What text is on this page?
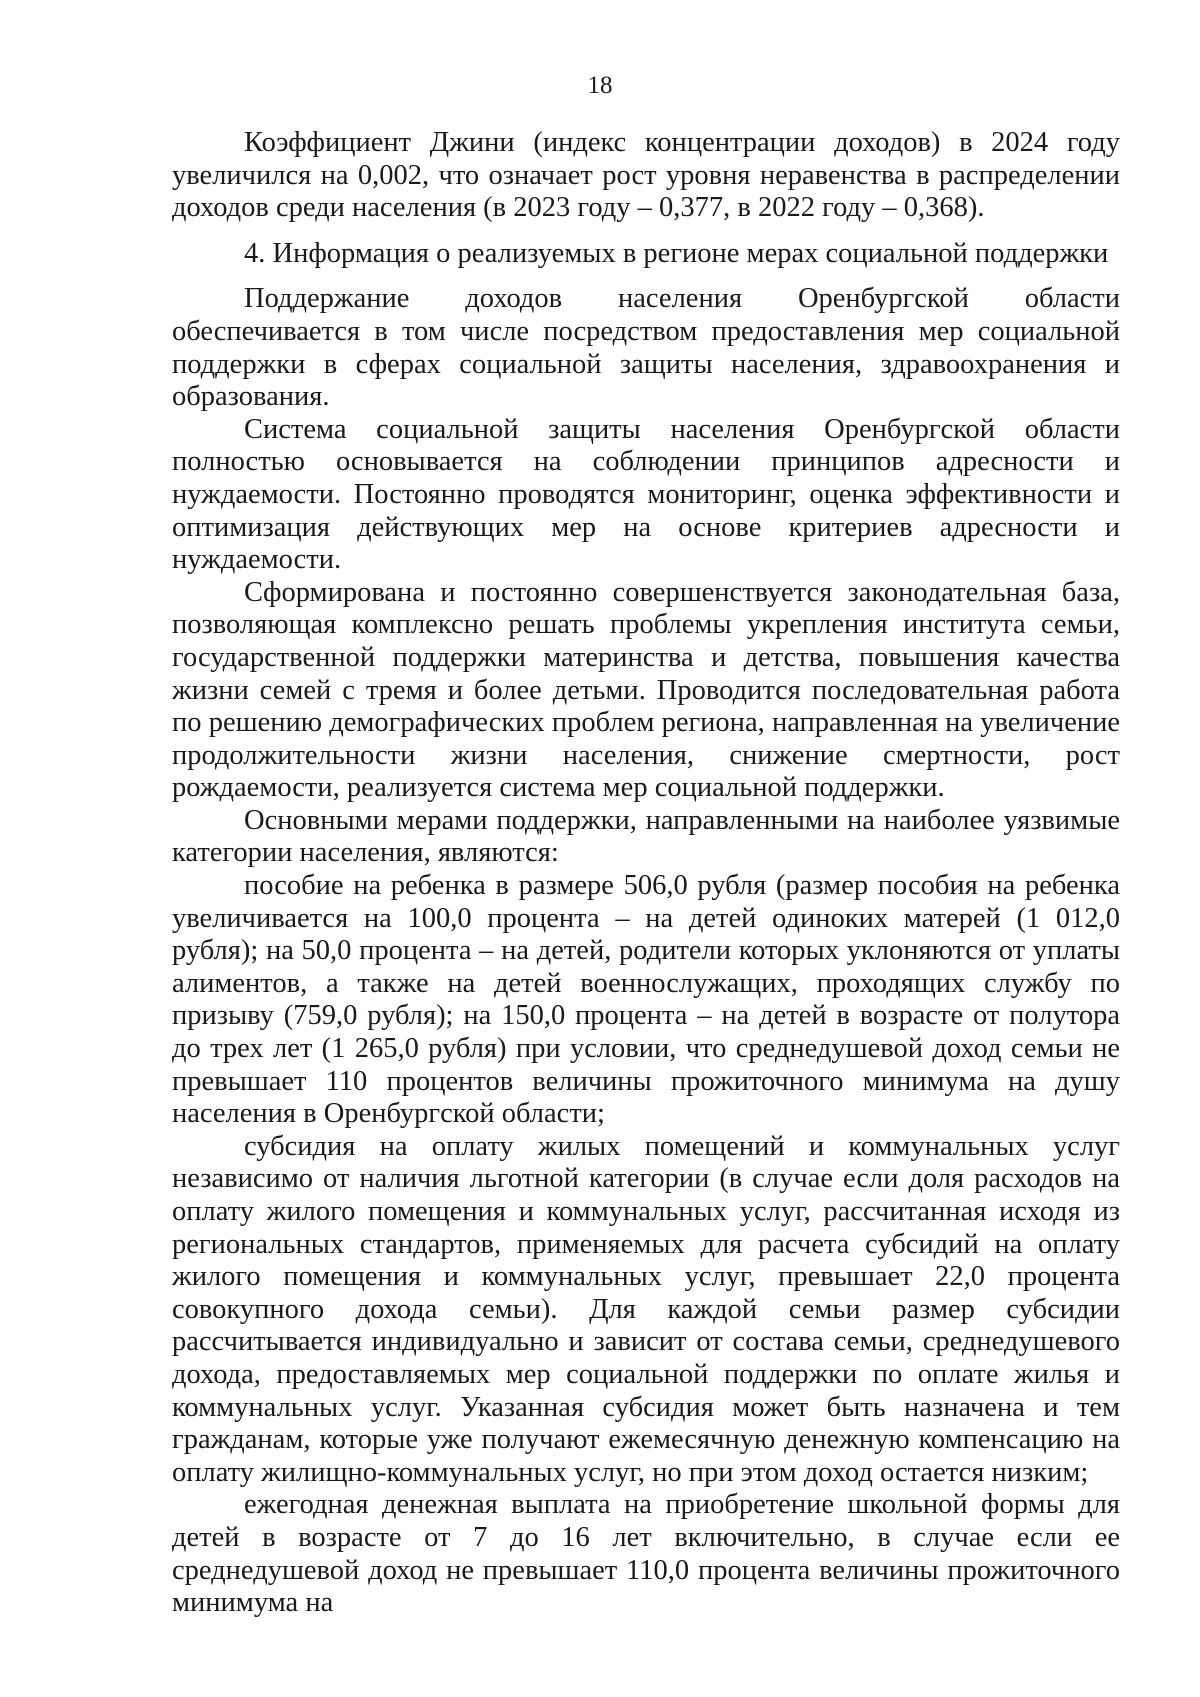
18

Коэффициент Джини (индекс концентрации доходов) в 2024 году увеличился на 0,002, что означает рост уровня неравенства в распределении доходов среди населения (в 2023 году – 0,377, в 2022 году – 0,368).

4. Информация о реализуемых в регионе мерах социальной поддержки

Поддержание доходов населения Оренбургской области обеспечивается в том числе посредством предоставления мер социальной поддержки в сферах социальной защиты населения, здравоохранения и образования.

Система социальной защиты населения Оренбургской области полностью основывается на соблюдении принципов адресности и нуждаемости. Постоянно проводятся мониторинг, оценка эффективности и оптимизация действующих мер на основе критериев адресности и нуждаемости.

Сформирована и постоянно совершенствуется законодательная база, позволяющая комплексно решать проблемы укрепления института семьи, государственной поддержки материнства и детства, повышения качества жизни семей с тремя и более детьми. Проводится последовательная работа по решению демографических проблем региона, направленная на увеличение продолжительности жизни населения, снижение смертности, рост рождаемости, реализуется система мер социальной поддержки.

Основными мерами поддержки, направленными на наиболее уязвимые категории населения, являются:

пособие на ребенка в размере 506,0 рубля (размер пособия на ребенка увеличивается на 100,0 процента – на детей одиноких матерей (1 012,0 рубля); на 50,0 процента – на детей, родители которых уклоняются от уплаты алиментов, а также на детей военнослужащих, проходящих службу по призыву (759,0 рубля); на 150,0 процента – на детей в возрасте от полутора до трех лет (1 265,0 рубля) при условии, что среднедушевой доход семьи не превышает 110 процентов величины прожиточного минимума на душу населения в Оренбургской области;

субсидия на оплату жилых помещений и коммунальных услуг независимо от наличия льготной категории (в случае если доля расходов на оплату жилого помещения и коммунальных услуг, рассчитанная исходя из региональных стандартов, применяемых для расчета субсидий на оплату жилого помещения и коммунальных услуг, превышает 22,0 процента совокупного дохода семьи). Для каждой семьи размер субсидии рассчитывается индивидуально и зависит от состава семьи, среднедушевого дохода, предоставляемых мер социальной поддержки по оплате жилья и коммунальных услуг. Указанная субсидия может быть назначена и тем гражданам, которые уже получают ежемесячную денежную компенсацию на оплату жилищно-коммунальных услуг, но при этом доход остается низким;

ежегодная денежная выплата на приобретение школьной формы для детей в возрасте от 7 до 16 лет включительно, в случае если ее среднедушевой доход не превышает 110,0 процента величины прожиточного минимума на
